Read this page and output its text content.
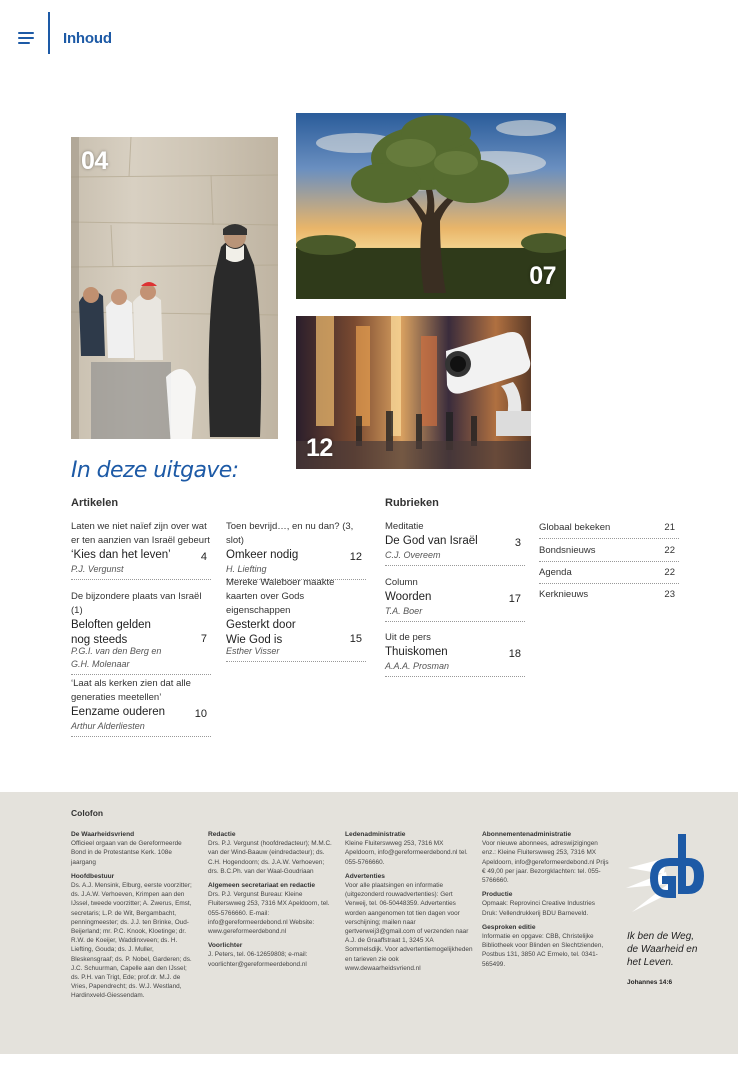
Inhoud
04
07
12
In deze uitgave:
Artikelen	Rubrieken
Laten we niet naïef zijn over wat er ten aanzien van Israël gebeurt
‘Kies dan het leven’	4
P.J. Vergunst
De bijzondere plaats van Israël (1)
Beloften gelden nog steeds	7
P.G.I. van den Berg en G.H. Molenaar
‘Laat als kerken zien dat alle generaties meetellen’
Eenzame ouderen	10
Arthur Alderliesten
Toen bevrijd…, en nu dan? (3, slot)
Omkeer nodig	12
H. Liefting
Mereke Waleboer maakte kaarten over Gods eigenschappen
Gesterkt door Wie God is	15
Esther Visser
Meditatie
De God van Israël	3
C.J. Overeem
Column
Woorden	17
T.A. Boer
Uit de pers
Thuiskomen	18
A.A.A. Prosman
Globaal bekeken	21
Bondsnieuws	22
Agenda	22
Kerknieuws	23
Colofon
De Waarheidsvriend
Officieel orgaan van de Gereformeerde Bond in de Protestantse Kerk. 108e jaargang
Hoofdbestuur
Ds. A.J. Mensink, Elburg, eerste voorzitter; ds. J.A.W. Verhoeven, Krimpen aan den IJssel, tweede voorzitter; A. Zwerus, Emst, secretaris; L.P. de Wit, Bergambacht, penningmeester; ds. J.J. ten Brinke, Oud-Beijerland; mr. P.C. Knook, Kloetinge; dr. R.W. de Koeijer, Waddinxveen; ds. H. Liefting, Gouda; ds. J. Muller, Bleskensgraaf; ds. P. Nobel, Garderen; ds. J.C. Schuurman, Capelle aan den IJssel; ds. P.H. van Trigt, Ede; prof.dr. M.J. de Vries, Papendrecht; ds. W.J. Westland, Hardinxveld-Giessendam.
Redactie
Drs. P.J. Vergunst (hoofdredacteur); M.M.C. van der Wind-Baauw (eindredacteur); ds. C.H. Hogendoorn; ds. J.A.W. Verhoeven; drs. B.C.Ph. van der Waal-Goudriaan
Algemeen secretariaat en redactie
Drs. P.J. Vergunst Bureau: Kleine Fluiterswweg 253, 7316 MX Apeldoorn, tel. 055-5766660. E-mail: info@gereformeerdebond.nl Website: www.gereformeerdebond.nl
Voorlichter
J. Peters, tel. 06-12659808; e-mail: voorlichter@gereformeerdebond.nl
Ledenadministratie
Kleine Fluiterswweg 253, 7316 MX Apeldoorn, info@gereformeerdebond.nl tel. 055-5766660.
Advertenties
Voor alle plaatsingen en informatie (uitgezonderd rouwadvertenties): Gert Verweij, tel. 06-50448359. Advertenties worden aangenomen tot tien dagen voor verschijning; mailen naar gertverweij3@gmail.com of verzenden naar A.J. de Graaffstraat 1, 3245 XA Sommelsdijk. Voor advertentiemogelijkheden en tarieven zie ook www.dewaarheidsvriend.nl
Abonnementenadministratie
Voor nieuwe abonnees, adreswijzigingen enz.: Kleine Fluiterswweg 253, 7316 MX Apeldoorn, info@gereformeerdebond.nl Prijs € 49,00 per jaar. Bezorgklachten: tel. 055-5766660.
Productie
Opmaak: Reprovinci Creative Industries Druk: Vellendrukkerij BDU Barneveld.
Gesproken editie
Informatie en opgave: CBB, Christelijke Bibliotheek voor Blinden en Slechtzienden, Postbus 131, 3850 AC Ermelo, tel. 0341-565499.
Ik ben de Weg, de Waarheid en het Leven.
Johannes 14:6
